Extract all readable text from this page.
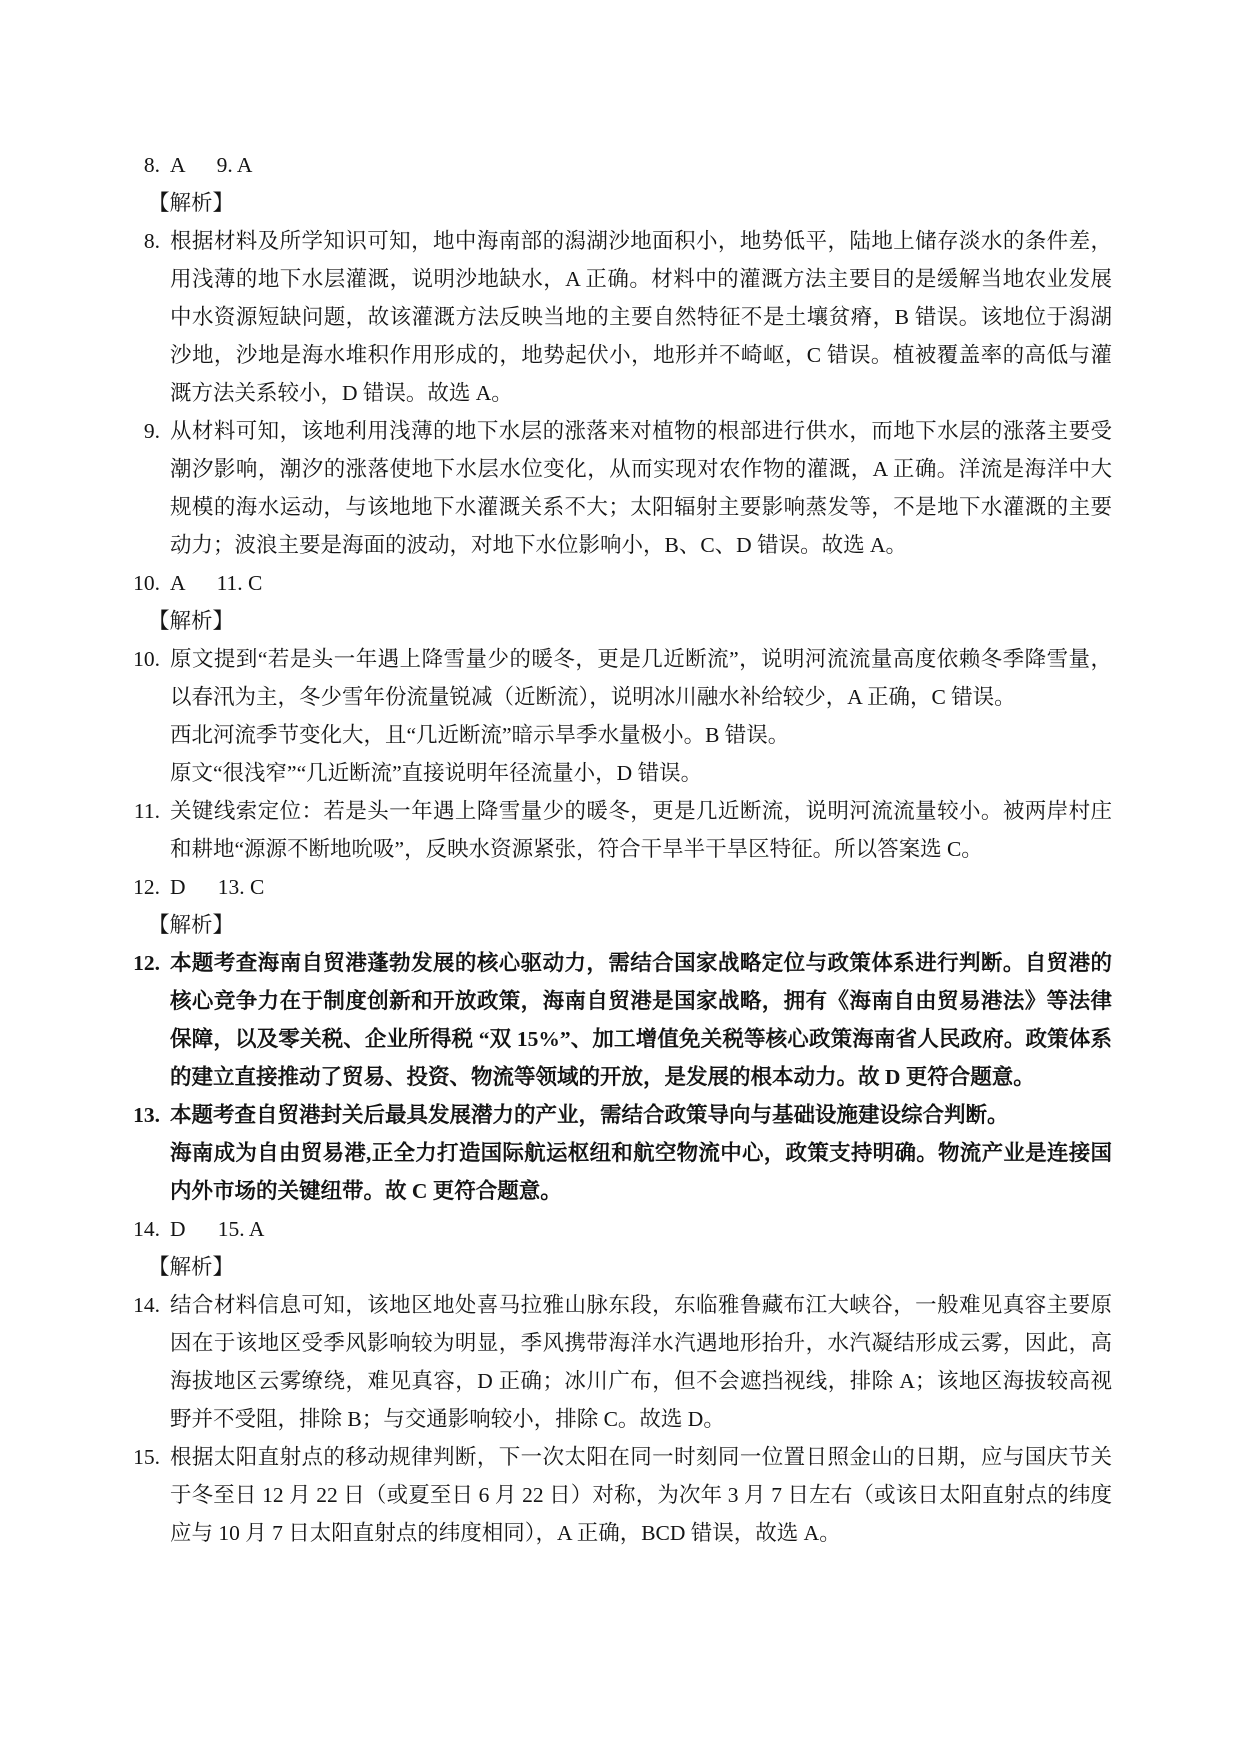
8. A      9. A
【解析】
8. 根据材料及所学知识可知，地中海南部的潟湖沙地面积小，地势低平，陆地上储存淡水的条件差，用浅薄的地下水层灌溉，说明沙地缺水，A 正确。材料中的灌溉方法主要目的是缓解当地农业发展中水资源短缺问题，故该灌溉方法反映当地的主要自然特征不是土壤贫瘠，B 错误。该地位于潟湖沙地，沙地是海水堆积作用形成的，地势起伏小，地形并不崎岖，C 错误。植被覆盖率的高低与灌溉方法关系较小，D 错误。故选 A。
9. 从材料可知，该地利用浅薄的地下水层的涨落来对植物的根部进行供水，而地下水层的涨落主要受潮汐影响，潮汐的涨落使地下水层水位变化，从而实现对农作物的灌溉，A 正确。洋流是海洋中大规模的海水运动，与该地地下水灌溉关系不大；太阳辐射主要影响蒸发等，不是地下水灌溉的主要动力；波浪主要是海面的波动，对地下水位影响小，B、C、D 错误。故选 A。
10. A      11. C
【解析】
10. 原文提到“若是头一年遇上降雪量少的暖冬，更是几近断流”，说明河流流量高度依赖冬季降雪量，以春汛为主，冬少雪年份流量锐减（近断流），说明冰川融水补给较少，A 正确，C 错误。
西北河流季节变化大，且“几近断流”暗示旱季水量极小。B 错误。
原文“很浅窄”“几近断流”直接说明年径流量小，D 错误。
11. 关键线索定位：若是头一年遇上降雪量少的暖冬，更是几近断流，说明河流流量较小。被两岸村庄和耕地“源源不断地吮吸”，反映水资源紧张，符合干旱半干旱区特征。所以答案选 C。
12. D      13. C
【解析】
12. 本题考查海南自贸港蓬勃发展的核心驱动力，需结合国家战略定位与政策体系进行判断。自贸港的核心竞争力在于制度创新和开放政策，海南自贸港是国家战略，拥有《海南自由贸易港法》等法律保障，以及零关税、企业所得税 “双 15%”、加工增值免关税等核心政策海南省人民政府。政策体系的建立直接推动了贸易、投资、物流等领域的开放，是发展的根本动力。故 D 更符合题意。
13. 本题考查自贸港封关后最具发展潜力的产业，需结合政策导向与基础设施建设综合判断。
海南成为自由贸易港,正全力打造国际航运枢纽和航空物流中心，政策支持明确。物流产业是连接国内外市场的关键纽带。故 C 更符合题意。
14. D      15. A
【解析】
14. 结合材料信息可知，该地区地处喜马拉雅山脉东段，东临雅鲁藏布江大峡谷，一般难见真容主要原因在于该地区受季风影响较为明显，季风携带海洋水汽遇地形抬升，水汽凝结形成云雾，因此，高海拔地区云雾缭绕，难见真容，D 正确；冰川广布，但不会遮挡视线，排除 A；该地区海拔较高视野并不受阻，排除 B；与交通影响较小，排除 C。故选 D。
15. 根据太阳直射点的移动规律判断，下一次太阳在同一时刻同一位置日照金山的日期，应与国庆节关于冬至日 12 月 22 日（或夏至日 6 月 22 日）对称，为次年 3 月 7 日左右（或该日太阳直射点的纬度应与 10 月 7 日太阳直射点的纬度相同），A 正确，BCD 错误，故选 A。
